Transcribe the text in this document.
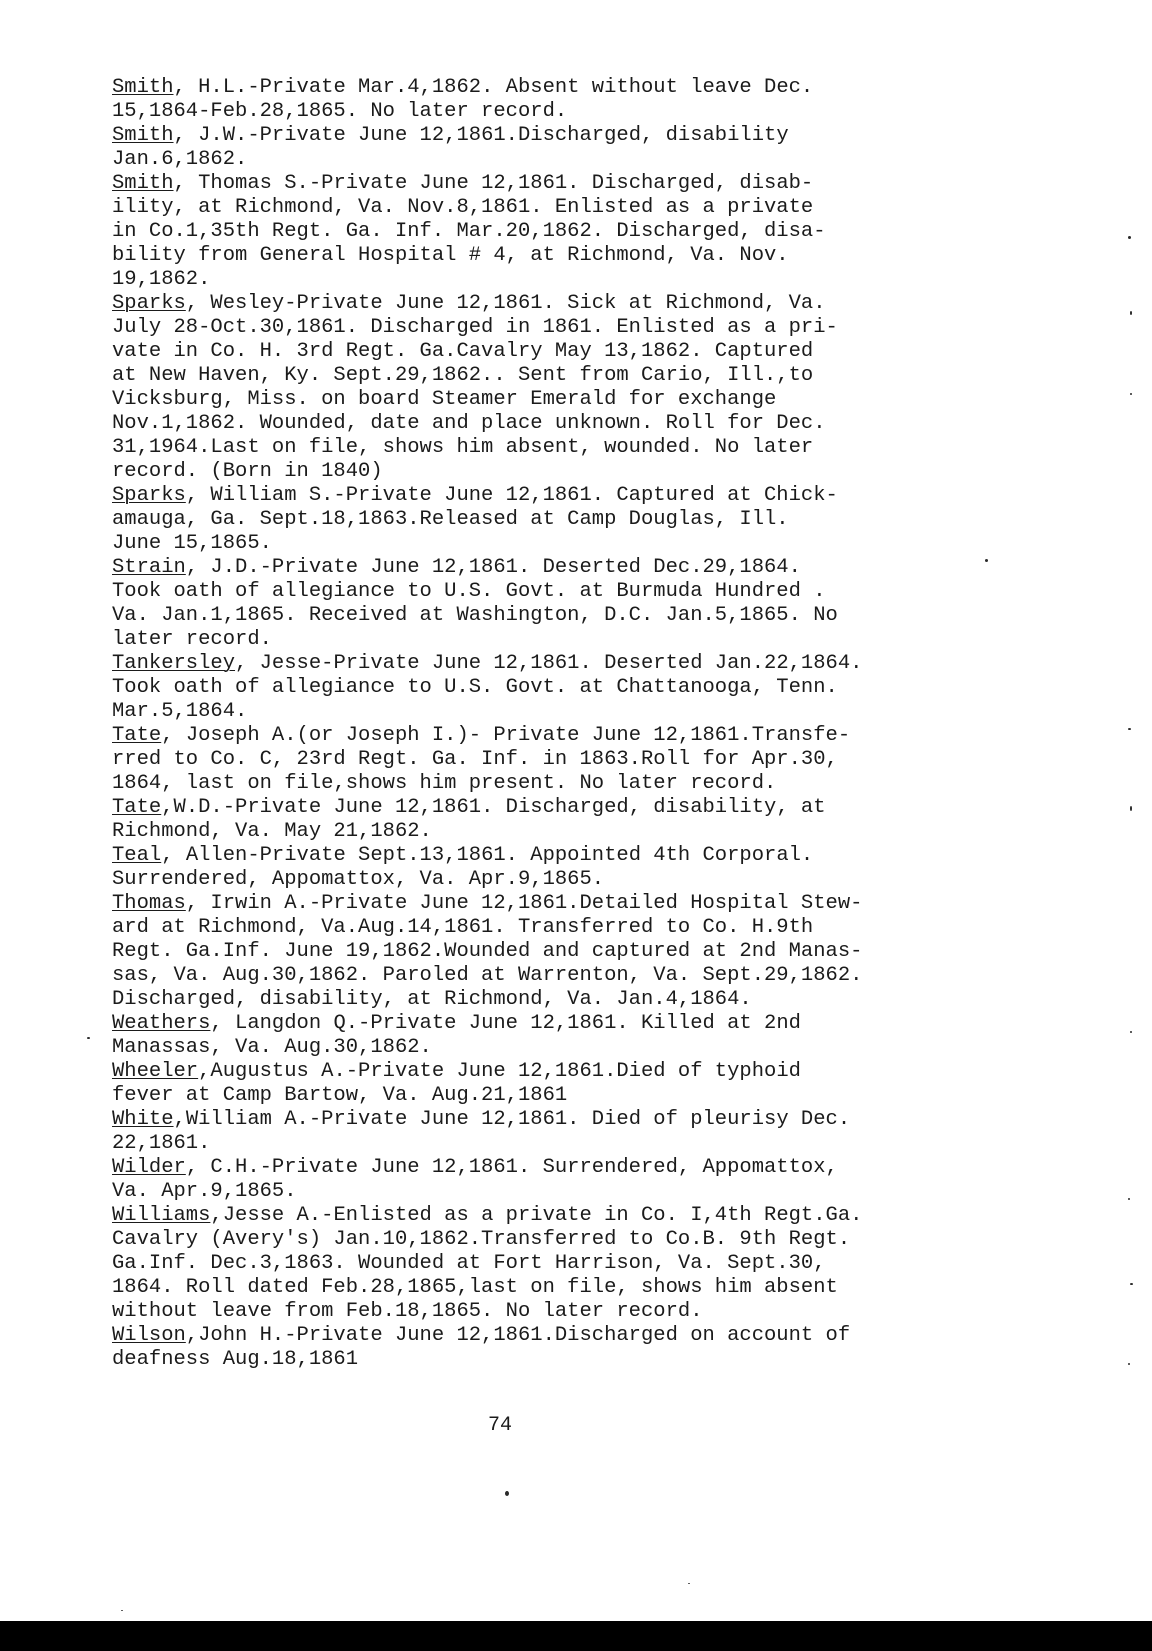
Smith, H.L.-Private Mar.4,1862. Absent without leave Dec.
15,1864-Feb.28,1865. No later record.
Smith, J.W.-Private June 12,1861.Discharged, disability
Jan.6,1862.
Smith, Thomas S.-Private June 12,1861. Discharged, disab-
ility, at Richmond, Va. Nov.8,1861. Enlisted as a private
in Co.1,35th Regt. Ga. Inf. Mar.20,1862. Discharged, disa-
bility from General Hospital # 4, at Richmond, Va. Nov.
19,1862.
Sparks, Wesley-Private June 12,1861. Sick at Richmond, Va.
July 28-Oct.30,1861. Discharged in 1861. Enlisted as a pri-
vate in Co. H. 3rd Regt. Ga.Cavalry May 13,1862. Captured
at New Haven, Ky. Sept.29,1862.. Sent from Cario, Ill.,to
Vicksburg, Miss. on board Steamer Emerald for exchange
Nov.1,1862. Wounded, date and place unknown. Roll for Dec.
31,1964.Last on file, shows him absent, wounded. No later
record. (Born in 1840)
Sparks, William S.-Private June 12,1861. Captured at Chick-
amauga, Ga. Sept.18,1863.Released at Camp Douglas, Ill.
June 15,1865.
Strain, J.D.-Private June 12,1861. Deserted Dec.29,1864.
Took oath of allegiance to U.S. Govt. at Burmuda Hundred .
Va. Jan.1,1865. Received at Washington, D.C. Jan.5,1865. No
later record.
Tankersley, Jesse-Private June 12,1861. Deserted Jan.22,1864.
Took oath of allegiance to U.S. Govt. at Chattanooga, Tenn.
Mar.5,1864.
Tate, Joseph A.(or Joseph I.)- Private June 12,1861.Transfe-
rred to Co. C, 23rd Regt. Ga. Inf. in 1863.Roll for Apr.30,
1864, last on file,shows him present. No later record.
Tate,W.D.-Private June 12,1861. Discharged, disability, at
Richmond, Va. May 21,1862.
Teal, Allen-Private Sept.13,1861. Appointed 4th Corporal.
Surrendered, Appomattox, Va. Apr.9,1865.
Thomas, Irwin A.-Private June 12,1861.Detailed Hospital Stew-
ard at Richmond, Va.Aug.14,1861. Transferred to Co. H.9th
Regt. Ga.Inf. June 19,1862.Wounded and captured at 2nd Manas-
sas, Va. Aug.30,1862. Paroled at Warrenton, Va. Sept.29,1862.
Discharged, disability, at Richmond, Va. Jan.4,1864.
Weathers, Langdon Q.-Private June 12,1861. Killed at 2nd
Manassas, Va. Aug.30,1862.
Wheeler,Augustus A.-Private June 12,1861.Died of typhoid
fever at Camp Bartow, Va. Aug.21,1861
White,William A.-Private June 12,1861. Died of pleurisy Dec.
22,1861.
Wilder, C.H.-Private June 12,1861. Surrendered, Appomattox,
Va. Apr.9,1865.
Williams,Jesse A.-Enlisted as a private in Co. I,4th Regt.Ga.
Cavalry (Avery's) Jan.10,1862.Transferred to Co.B. 9th Regt.
Ga.Inf. Dec.3,1863. Wounded at Fort Harrison, Va. Sept.30,
1864. Roll dated Feb.28,1865,last on file, shows him absent
without leave from Feb.18,1865. No later record.
Wilson,John H.-Private June 12,1861.Discharged on account of
deafness Aug.18,1861
74
